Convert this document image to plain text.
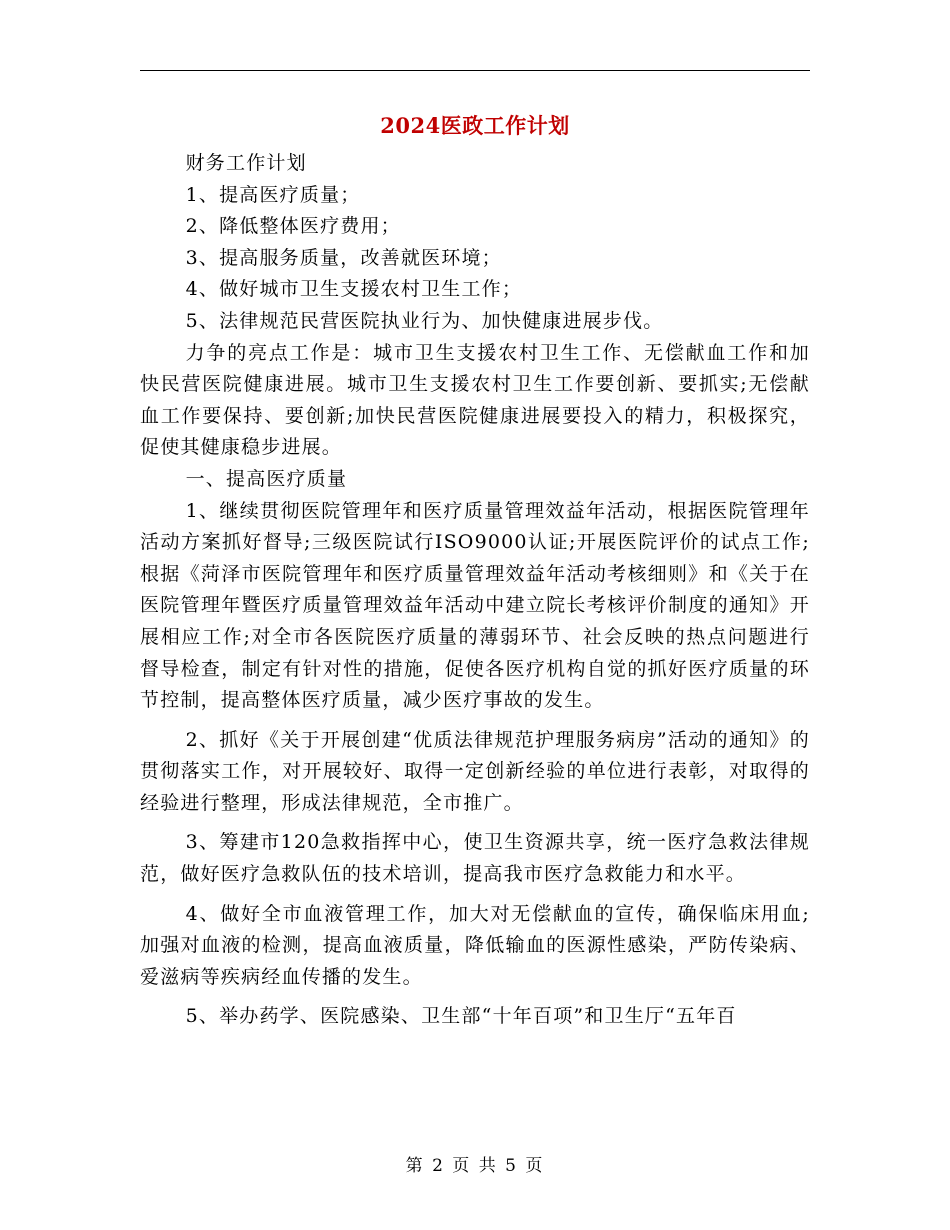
2024医政工作计划

财务工作计划

1、提高医疗质量；

2、降低整体医疗费用；

3、提高服务质量，改善就医环境；

4、做好城市卫生支援农村卫生工作；

5、法律规范民营医院执业行为、加快健康进展步伐。

力争的亮点工作是：城市卫生支援农村卫生工作、无偿献血工作和加快民营医院健康进展。城市卫生支援农村卫生工作要创新、要抓实;无偿献血工作要保持、要创新;加快民营医院健康进展要投入的精力，积极探究，促使其健康稳步进展。

一、提高医疗质量

1、继续贯彻医院管理年和医疗质量管理效益年活动，根据医院管理年活动方案抓好督导;三级医院试行ISO9000认证;开展医院评价的试点工作;根据《菏泽市医院管理年和医疗质量管理效益年活动考核细则》和《关于在医院管理年暨医疗质量管理效益年活动中建立院长考核评价制度的通知》开展相应工作;对全市各医院医疗质量的薄弱环节、社会反映的热点问题进行督导检查，制定有针对性的措施，促使各医疗机构自觉的抓好医疗质量的环节控制，提高整体医疗质量，减少医疗事故的发生。

2、抓好《关于开展创建“优质法律规范护理服务病房”活动的通知》的贯彻落实工作，对开展较好、取得一定创新经验的单位进行表彰，对取得的经验进行整理，形成法律规范，全市推广。

3、筹建市120急救指挥中心，使卫生资源共享，统一医疗急救法律规范，做好医疗急救队伍的技术培训，提高我市医疗急救能力和水平。

4、做好全市血液管理工作，加大对无偿献血的宣传，确保临床用血;加强对血液的检测，提高血液质量，降低输血的医源性感染，严防传染病、爱滋病等疾病经血传播的发生。

5、举办药学、医院感染、卫生部“十年百项”和卫生厅“五年百

第 2 页 共 5 页
